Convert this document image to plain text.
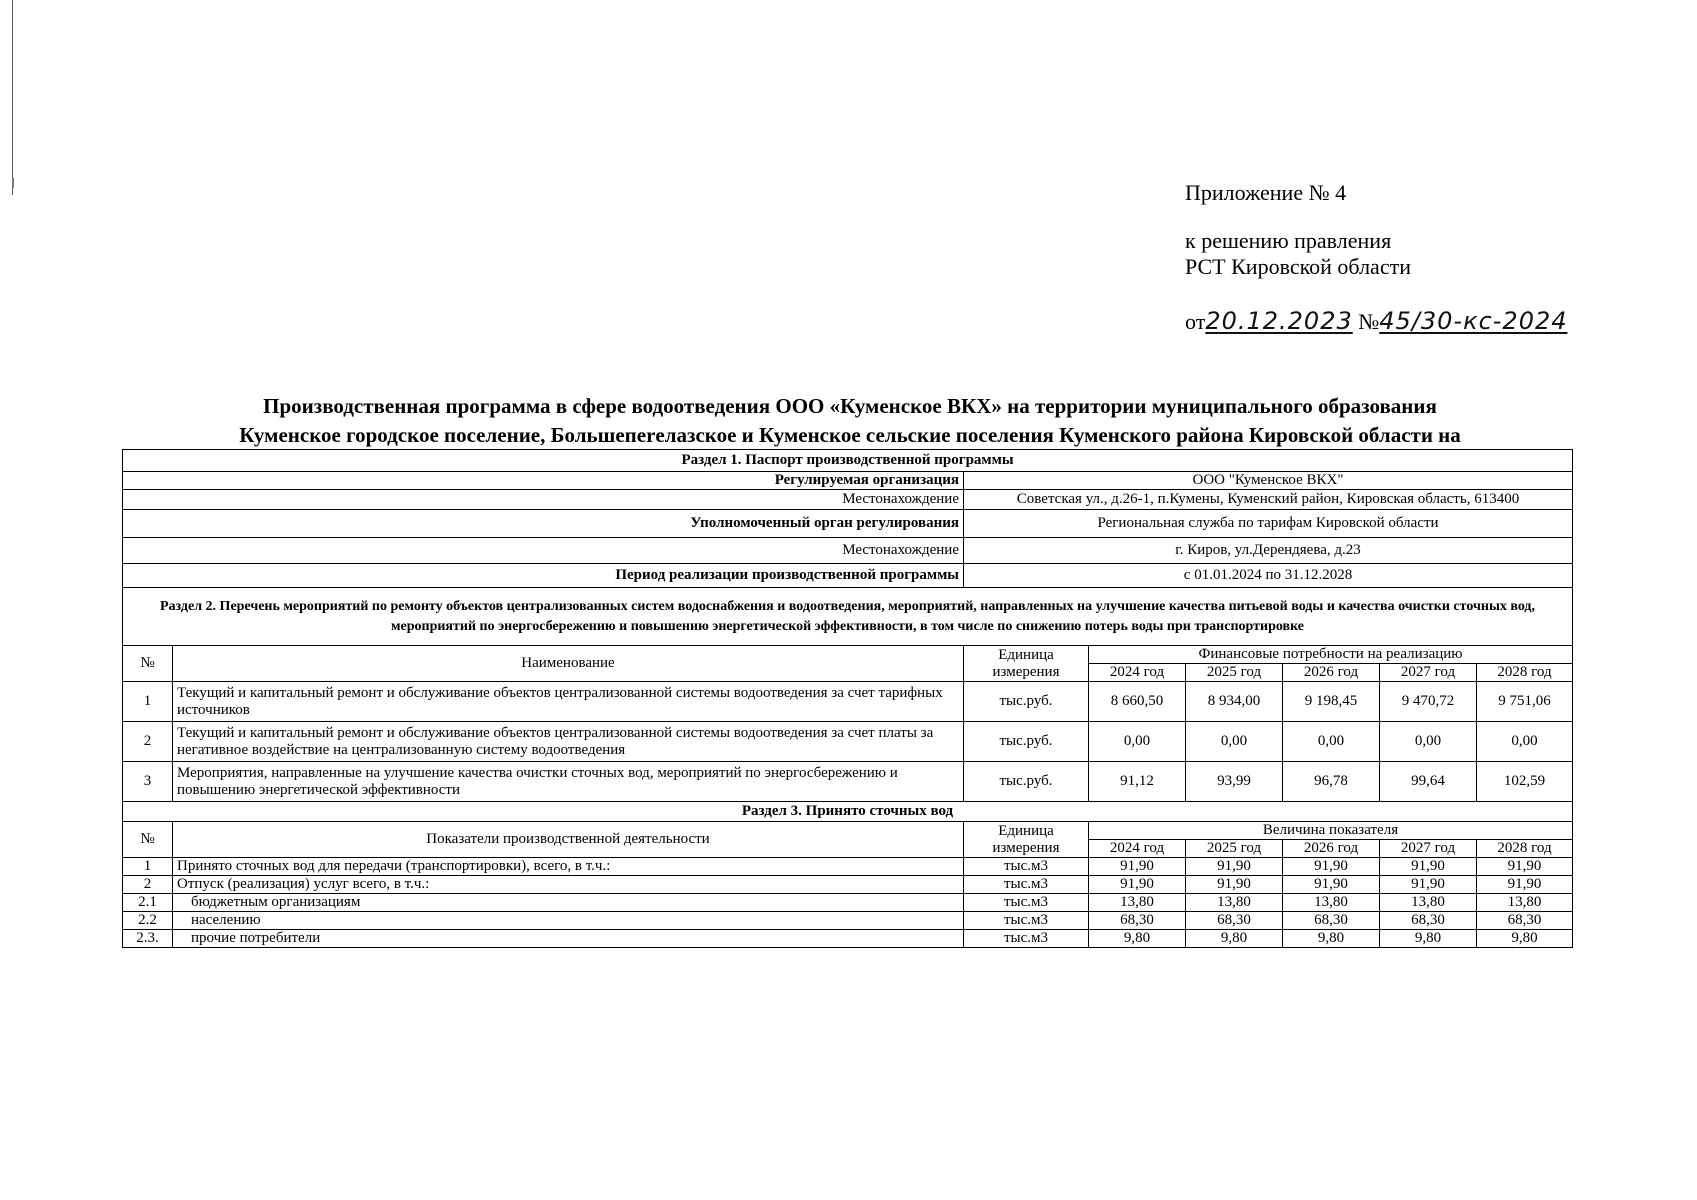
Приложение № 4
к решению правления
РСТ Кировской области
от20.12.2023 №45/30-кс-2024
Производственная программа в сфере водоотведения ООО «Куменское ВКХ» на территории муниципального образования
Куменское городское поселение, Большепerелазское и Куменское сельские поселения Куменского района Кировской области на
Раздел 1. Паспорт производственной программы							
Регулируемая организация		ООО "Куменское ВКХ"					
Местонахождение		Советская ул., д.26-1, п.Кумены, Куменский район, Кировская область, 613400					
Уполномоченный орган регулирования		Региональная служба по тарифам Кировской области					
Местонахождение		г. Киров, ул.Дерендяева, д.23					
Период реализации производственной программы		с 01.01.2024 по 31.12.2028					
Раздел 2. Перечень мероприятий по ремонту объектов централизованных систем водоснабжения и водоотведения, мероприятий, направленных на улучшение качества питьевой воды и качества очистки сточных вод, мероприятий по энергосбережению и повышению энергетической эффективности, в том числе по снижению потерь воды при транспортировке							
№	Наименование	Единица измерения	Финансовые потребности на реализацию				
			2024 год	2025 год	2026 год	2027 год	2028 год
1	Текущий и капитальный ремонт и обслуживание объектов централизованной системы водоотведения за счет тарифных источников	тыс.руб.	8 660,50	8 934,00	9 198,45	9 470,72	9 751,06
2	Текущий и капитальный ремонт и обслуживание объектов централизованной системы водоотведения за счет платы за негативное воздействие на централизованную систему водоотведения	тыс.руб.	0,00	0,00	0,00	0,00	0,00
3	Мероприятия, направленные на улучшение качества очистки сточных вод, мероприятий по энергосбережению и повышению энергетической эффективности	тыс.руб.	91,12	93,99	96,78	99,64	102,59
Раздел 3. Принято сточных вод							
№	Показатели производственной деятельности	Единица измерения	Величина показателя				
			2024 год	2025 год	2026 год	2027 год	2028 год
1	Принято сточных вод для передачи (транспортировки), всего, в т.ч.:	тыс.м3	91,90	91,90	91,90	91,90	91,90
2	Отпуск (реализация) услуг всего, в т.ч.:	тыс.м3	91,90	91,90	91,90	91,90	91,90
2.1	бюджетным организациям	тыс.м3	13,80	13,80	13,80	13,80	13,80
2.2	населению	тыс.м3	68,30	68,30	68,30	68,30	68,30
2.3.	прочие потребители	тыс.м3	9,80	9,80	9,80	9,80	9,80
